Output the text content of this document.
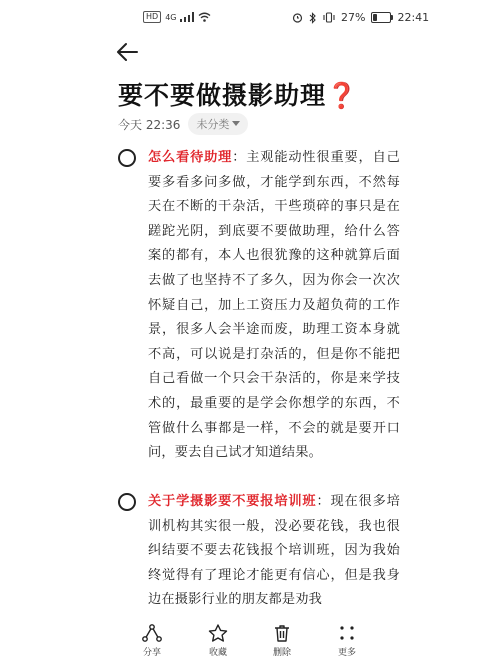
HD 4G	27%	22:41
要不要做摄影助理❓
今天 22:36 未分类
怎么看待助理：主观能动性很重要，自己要多看多问多做，才能学到东西，不然每天在不断的干杂活，干些琐碎的事只是在蹉跎光阴，到底要不要做助理，给什么答案的都有，本人也很犹豫的这种就算后面去做了也坚持不了多久，因为你会一次次怀疑自己，加上工资压力及超负荷的工作景，很多人会半途而废，助理工资本身就不高，可以说是打杂活的，但是你不能把自己看做一个只会干杂活的，你是来学技术的，最重要的是学会你想学的东西，不管做什么事都是一样，不会的就是要开口问，要去自己试才知道结果。
关于学摄影要不要报培训班：现在很多培训机构其实很一般，没必要花钱，我也很纠结要不要去花钱报个培训班，因为我始终觉得有了理论才能更有信心，但是我身边在摄影行业的朋友都是劝我
分享	收藏	删除	更多
